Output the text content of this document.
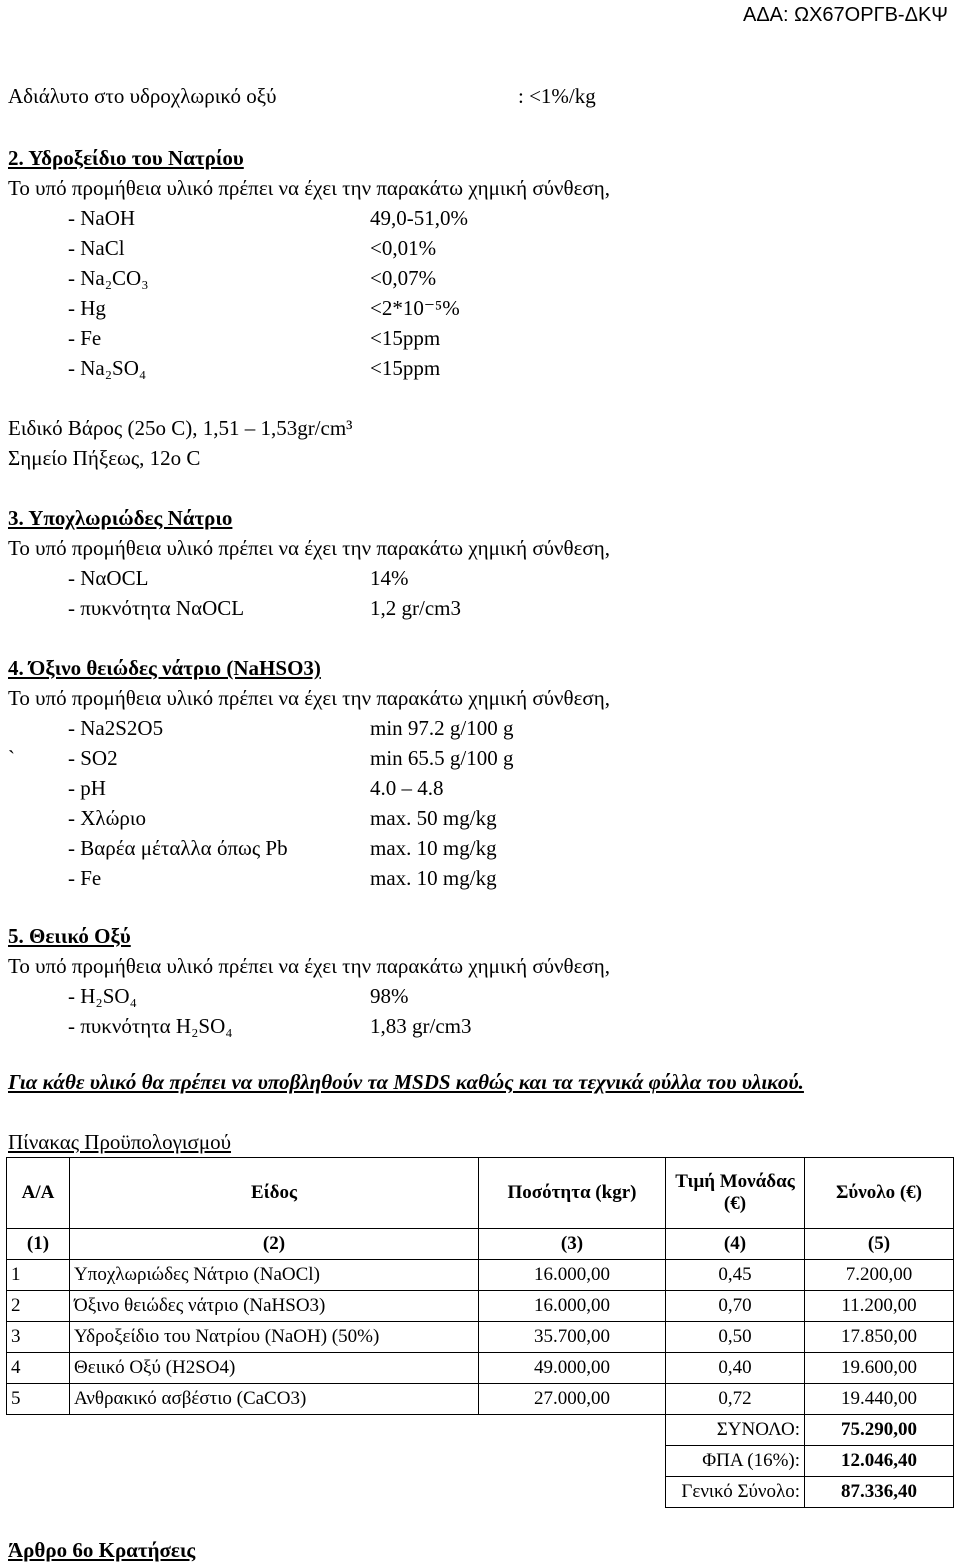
ΑΔΑ: ΩΧ67ΟΡΓΒ-ΔΚΨ
Αδιάλυτο στο υδροχλωρικό οξύ	: <1%/kg
2. Υδροξείδιο του Νατρίου
Το υπό προμήθεια υλικό πρέπει να έχει την παρακάτω χημική σύνθεση,
- NaOH	49,0-51,0%
- NaCl	<0,01%
- Na₂CO₃	<0,07%
- Hg	<2*10⁻⁵%
- Fe	<15ppm
- Na₂SO₄	<15ppm
Ειδικό Βάρος (25ο C), 1,51 – 1,53gr/cm³
Σημείο Πήξεως, 12ο C
3. Υποχλωριώδες Νάτριο
Το υπό προμήθεια υλικό πρέπει να έχει την παρακάτω χημική σύνθεση,
- ΝαOCL	14%
- πυκνότητα ΝαOCL	1,2 gr/cm3
4. Όξινο θειώδες νάτριο (NaHSO3)
Το υπό προμήθεια υλικό πρέπει να έχει την παρακάτω χημική σύνθεση,
- Na2S2O5	min 97.2 g/100 g
`	- SO2	min 65.5 g/100 g
- pH	4.0 – 4.8
- Χλώριο	max. 50 mg/kg
- Βαρέα μέταλλα όπως Pb	max. 10 mg/kg
- Fe	max. 10 mg/kg
5. Θειικό Οξύ
Το υπό προμήθεια υλικό πρέπει να έχει την παρακάτω χημική σύνθεση,
- H₂SO₄	98%
- πυκνότητα H₂SO₄	1,83 gr/cm3
Για κάθε υλικό θα πρέπει να υποβληθούν τα MSDS καθώς και τα τεχνικά φύλλα του υλικού.
Πίνακας Προϋπολογισμού
Α/Α	Είδος	Ποσότητα (kgr)	Τιμή Μονάδας (€)	Σύνολο (€)
(1)	(2)	(3)	(4)	(5)
1	Υποχλωριώδες Νάτριο (NaOCl)	16.000,00	0,45	7.200,00
2	Όξινο θειώδες νάτριο (NaHSO3)	16.000,00	0,70	11.200,00
3	Υδροξείδιο του Νατρίου (NaOH) (50%)	35.700,00	0,50	17.850,00
4	Θειικό Οξύ (H2SO4)	49.000,00	0,40	19.600,00
5	Ανθρακικό ασβέστιο (CaCO3)	27.000,00	0,72	19.440,00
			ΣΥΝΟΛΟ:	75.290,00
			ΦΠΑ (16%):	12.046,40
			Γενικό Σύνολο:	87.336,40
Άρθρο 6ο Κρατήσεις
